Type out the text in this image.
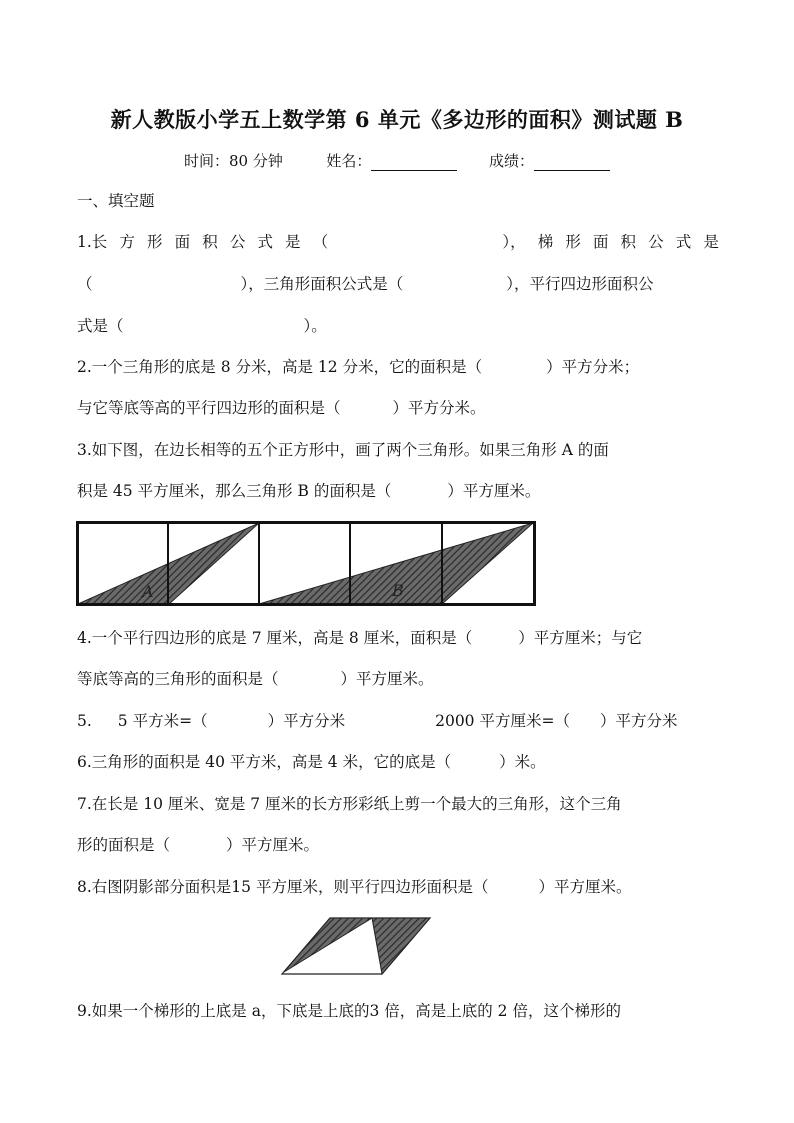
新人教版小学五上数学第 6 单元《多边形的面积》测试题 B
时间：80 分钟	姓名：	成绩：
一、填空题
1.长 方 形 面 积 公 式 是 （
　　　　　　　	）， 梯 形 面 积 公 式 是
（	），三角形面积公式是（	），平行四边形面积公
式是（	）。
2.一个三角形的底是 8 分米，高是 12 分米，它的面积是（	）平方分米；
与它等底等高的平行四边形的面积是（	）平方分米。
3.如下图，在边长相等的五个正方形中，画了两个三角形。如果三角形 A 的面
积是 45 平方厘米，那么三角形 B 的面积是（	）平方厘米。
A	B
4.一个平行四边形的底是 7 厘米，高是 8 厘米，面积是（	）平方厘米；与它
等底等高的三角形的面积是（	）平方厘米。
5. 5 平方米=（	）平方分米	2000 平方厘米=（ ）平方分米
6.三角形的面积是 40 平方米，高是 4 米，它的底是（	）米。
7.在长是 10 厘米、宽是 7 厘米的长方形彩纸上剪一个最大的三角形，这个三角
形的面积是（	）平方厘米。
8.右图阴影部分面积是15 平方厘米，则平行四边形面积是（	）平方厘米。
9.如果一个梯形的上底是 a，下底是上底的3 倍，高是上底的 2 倍，这个梯形的
